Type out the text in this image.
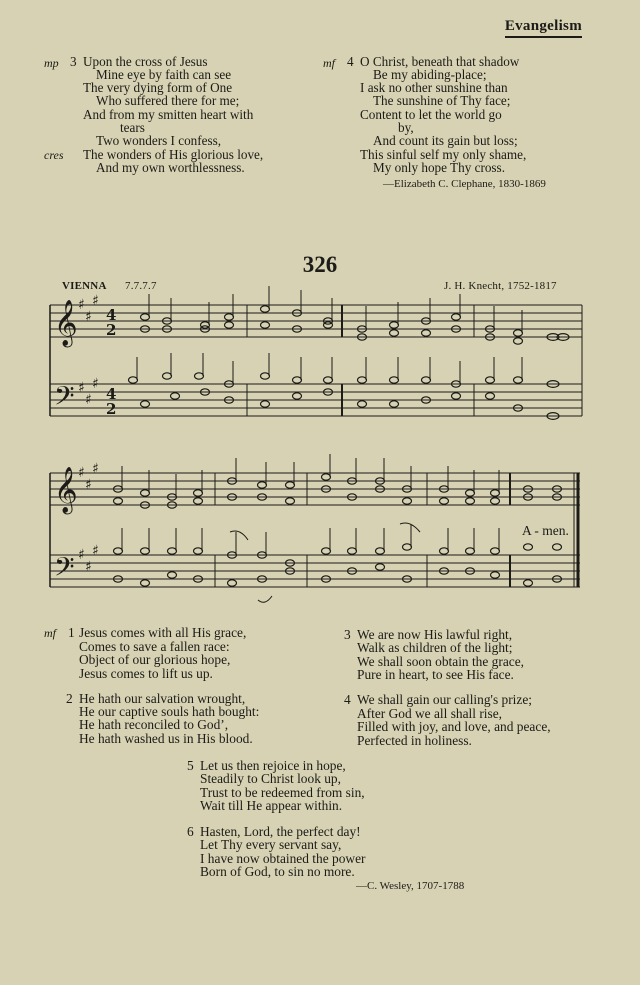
Evangelism
mp 3 Upon the cross of Jesus
Mine eye by faith can see
The very dying form of One
Who suffered there for me;
And from my smitten heart with
tears
Two wonders I confess,
cres The wonders of His glorious love,
And my own worthlessness.
mf 4 O Christ, beneath that shadow
Be my abiding-place;
I ask no other sunshine than
The sunshine of Thy face;
Content to let the world go
by,
And count its gain but loss;
This sinful self my only shame,
My only hope Thy cross.
—Elizabeth C. Clephane, 1830-1869
326
VIENNA 7.7.7.7	J. H. Knecht, 1752-1817
𝄞
𝄢
𝄞
𝄢
♯
♯
♯
♯
♯
♯
♯
♯
♯
♯
♯
♯
4
2
4
2
A - men.
mf 1 Jesus comes with all His grace,
Comes to save a fallen race:
Object of our glorious hope,
Jesus comes to lift us up.
2 He hath our salvation wrought,
He our captive souls hath bought:
He hath reconciled to God’,
He hath washed us in His blood.
3 We are now His lawful right,
Walk as children of the light;
We shall soon obtain the grace,
Pure in heart, to see His face.
4 We shall gain our calling's prize;
After God we all shall rise,
Filled with joy, and love, and peace,
Perfected in holiness.
5 Let us then rejoice in hope,
Steadily to Christ look up,
Trust to be redeemed from sin,
Wait till He appear within.
6 Hasten, Lord, the perfect day!
Let Thy every servant say,
I have now obtained the power
Born of God, to sin no more.
—C. Wesley, 1707-1788
